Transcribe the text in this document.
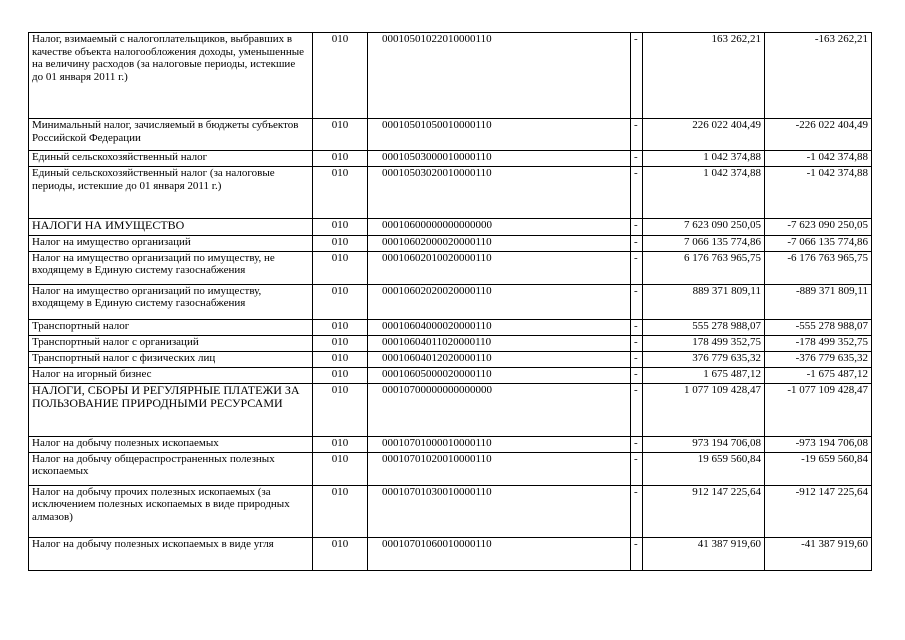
Налог, взимаемый с налогоплательщиков, выбравших в качестве объекта налогообложения доходы, уменьшенные на величину расходов (за налоговые периоды, истекшие до 01 января 2011 г.)	010	00010501022010000110	-	163 262,21	-163 262,21
Минимальный налог, зачисляемый в бюджеты субъектов Российской Федерации	010	00010501050010000110	-	226 022 404,49	-226 022 404,49
Единый сельскохозяйственный налог	010	00010503000010000110	-	1 042 374,88	-1 042 374,88
Единый сельскохозяйственный налог (за налоговые периоды, истекшие до 01 января 2011 г.)	010	00010503020010000110	-	1 042 374,88	-1 042 374,88
НАЛОГИ НА ИМУЩЕСТВО	010	00010600000000000000	-	7 623 090 250,05	-7 623 090 250,05
Налог на имущество организаций	010	00010602000020000110	-	7 066 135 774,86	-7 066 135 774,86
Налог на имущество организаций по имуществу, не входящему в Единую систему газоснабжения	010	00010602010020000110	-	6 176 763 965,75	-6 176 763 965,75
Налог на имущество организаций по имуществу, входящему в Единую систему газоснабжения	010	00010602020020000110	-	889 371 809,11	-889 371 809,11
Транспортный налог	010	00010604000020000110	-	555 278 988,07	-555 278 988,07
Транспортный налог с организаций	010	00010604011020000110	-	178 499 352,75	-178 499 352,75
Транспортный налог с физических лиц	010	00010604012020000110	-	376 779 635,32	-376 779 635,32
Налог на игорный бизнес	010	00010605000020000110	-	1 675 487,12	-1 675 487,12
НАЛОГИ, СБОРЫ И РЕГУЛЯРНЫЕ ПЛАТЕЖИ ЗА ПОЛЬЗОВАНИЕ ПРИРОДНЫМИ РЕСУРСАМИ	010	00010700000000000000	-	1 077 109 428,47	-1 077 109 428,47
Налог на добычу полезных ископаемых	010	00010701000010000110	-	973 194 706,08	-973 194 706,08
Налог на добычу общераспространенных полезных ископаемых	010	00010701020010000110	-	19 659 560,84	-19 659 560,84
Налог на добычу прочих полезных ископаемых (за исключением полезных ископаемых в виде природных алмазов)	010	00010701030010000110	-	912 147 225,64	-912 147 225,64
Налог на добычу полезных ископаемых в виде угля	010	00010701060010000110	-	41 387 919,60	-41 387 919,60
